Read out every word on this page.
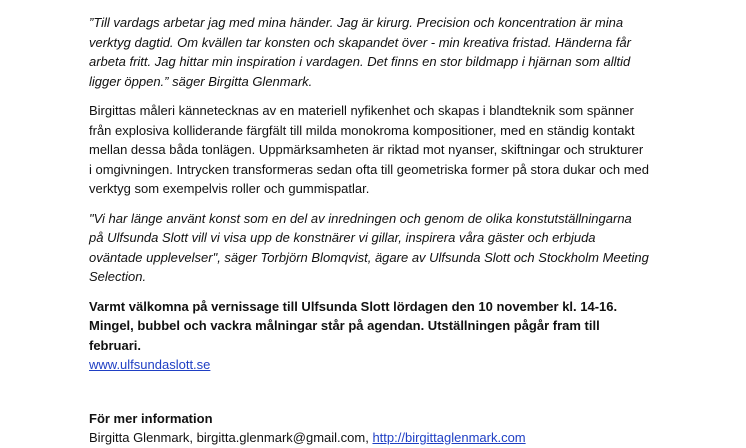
”Till vardags arbetar jag med mina händer. Jag är kirurg. Precision och koncentration är mina verktyg dagtid. Om kvällen tar konsten och skapandet över - min kreativa fristad. Händerna får arbeta fritt. Jag hittar min inspiration i vardagen. Det finns en stor bildmapp i hjärnan som alltid ligger öppen.” säger Birgitta Glenmark.

Birgittas måleri kännetecknas av en materiell nyfikenhet och skapas i blandteknik som spänner från explosiva kolliderande färgfält till milda monokroma kompositioner, med en ständig kontakt mellan dessa båda tonlägen. Uppmärksamheten är riktad mot nyanser, skiftningar och strukturer i omgivningen. Intrycken transformeras sedan ofta till geometriska former på stora dukar och med verktyg som exempelvis roller och gummispatlar.

"Vi har länge använt konst som en del av inredningen och genom de olika konstutställningarna på Ulfsunda Slott vill vi visa upp de konstnärer vi gillar, inspirera våra gäster och erbjuda oväntade upplevelser", säger Torbjörn Blomqvist, ägare av Ulfsunda Slott och Stockholm Meeting Selection.

Varmt välkomna på vernissage till Ulfsunda Slott lördagen den 10 november kl. 14-16. Mingel, bubbel och vackra målningar står på agendan. Utställningen pågår fram till februari.

www.ulfsundaslott.se

För mer information

Birgitta Glenmark, birgitta.glenmark@gmail.com, http://birgittaglenmark.com
